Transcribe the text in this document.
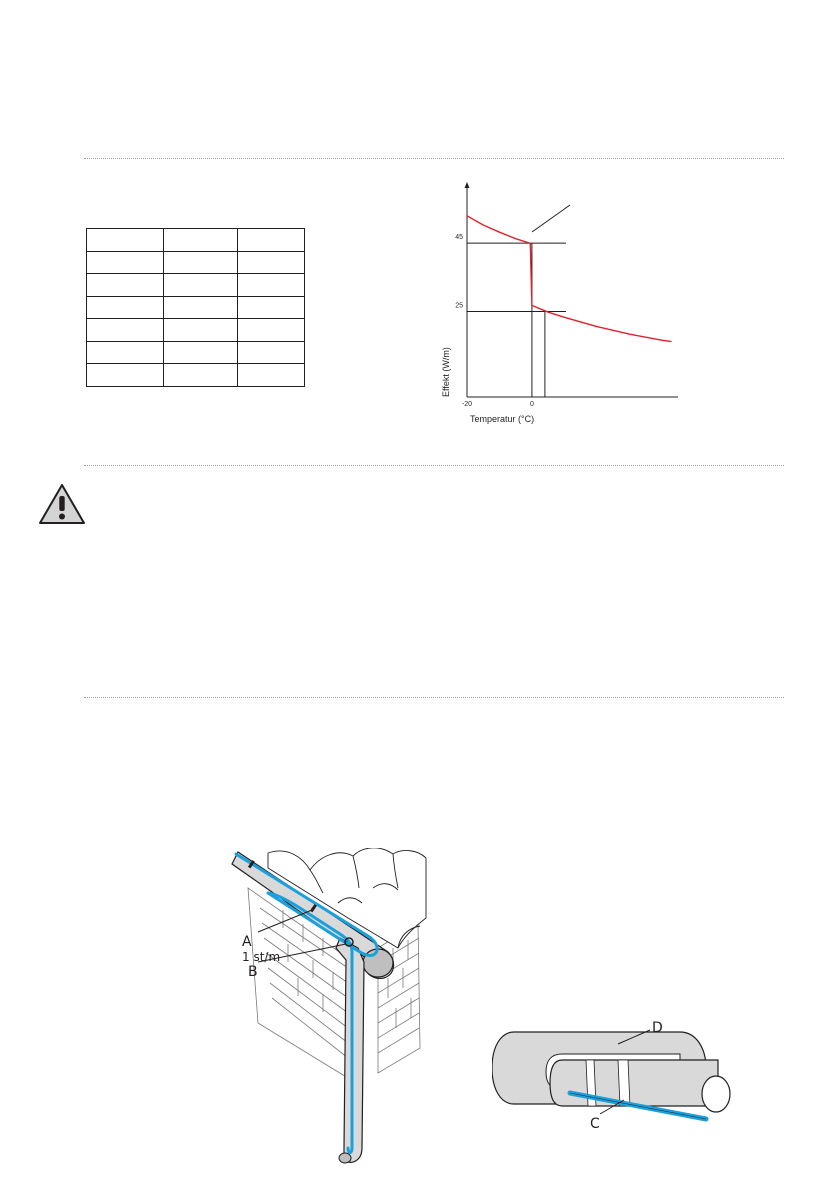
25
45
-20	0
Temperatur (°C)
Effekt (W/m)
A
1 st/m
B
C
D
